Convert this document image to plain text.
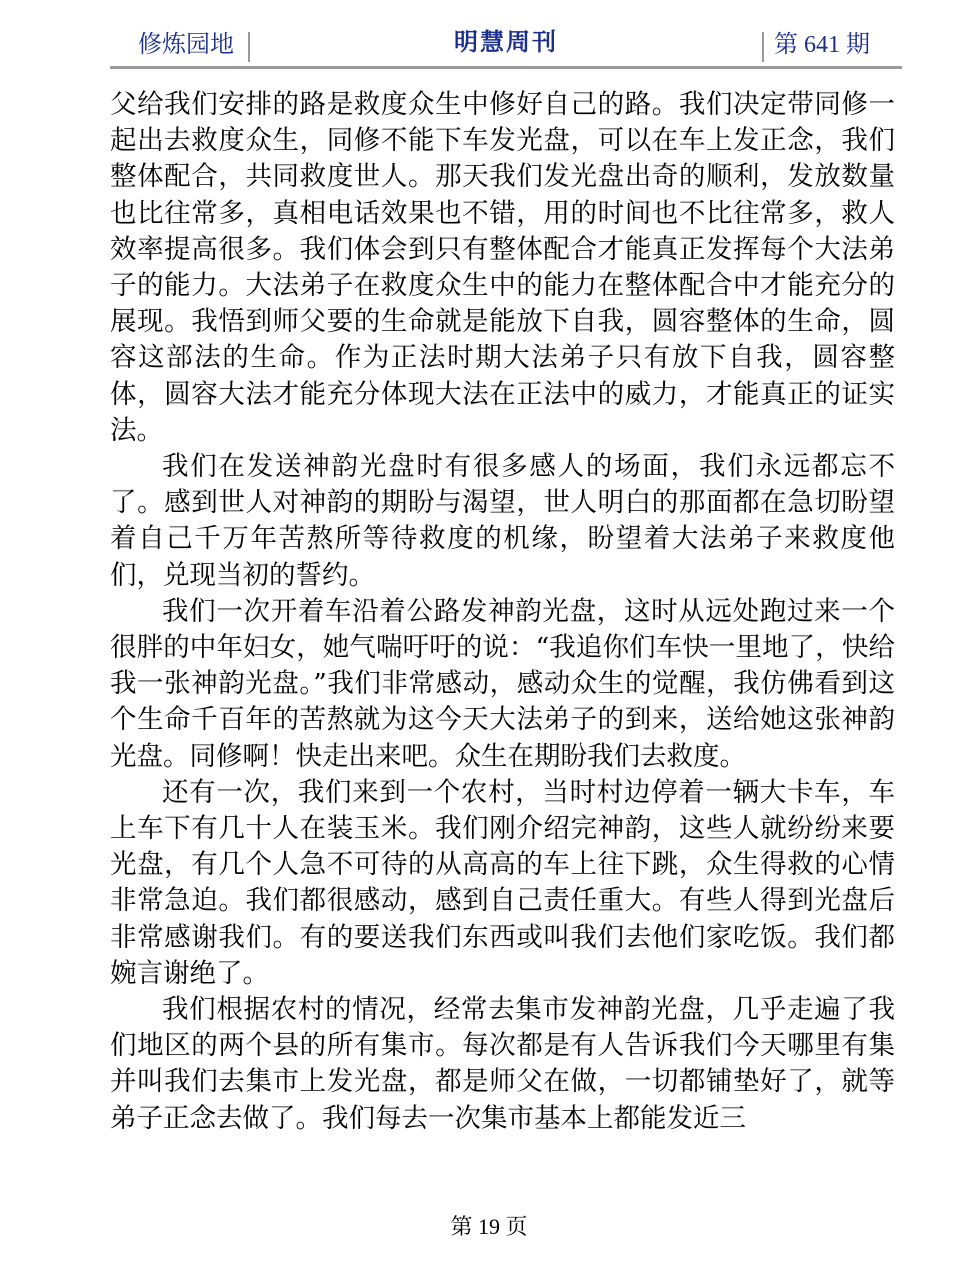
修炼园地	明慧周刊	第 641 期

父给我们安排的路是救度众生中修好自己的路。我们决定带同修一起出去救度众生，同修不能下车发光盘，可以在车上发正念，我们整体配合，共同救度世人。那天我们发光盘出奇的顺利，发放数量也比往常多，真相电话效果也不错，用的时间也不比往常多，救人效率提高很多。我们体会到只有整体配合才能真正发挥每个大法弟子的能力。大法弟子在救度众生中的能力在整体配合中才能充分的展现。我悟到师父要的生命就是能放下自我，圆容整体的生命，圆容这部法的生命。作为正法时期大法弟子只有放下自我，圆容整体，圆容大法才能充分体现大法在正法中的威力，才能真正的证实法。

我们在发送神韵光盘时有很多感人的场面，我们永远都忘不了。感到世人对神韵的期盼与渴望，世人明白的那面都在急切盼望着自己千万年苦熬所等待救度的机缘，盼望着大法弟子来救度他们，兑现当初的誓约。

我们一次开着车沿着公路发神韵光盘，这时从远处跑过来一个很胖的中年妇女，她气喘吁吁的说：“我追你们车快一里地了，快给我一张神韵光盘。”我们非常感动，感动众生的觉醒，我仿佛看到这个生命千百年的苦熬就为这今天大法弟子的到来，送给她这张神韵光盘。同修啊！快走出来吧。众生在期盼我们去救度。

还有一次，我们来到一个农村，当时村边停着一辆大卡车，车上车下有几十人在装玉米。我们刚介绍完神韵，这些人就纷纷来要光盘，有几个人急不可待的从高高的车上往下跳，众生得救的心情非常急迫。我们都很感动，感到自己责任重大。有些人得到光盘后非常感谢我们。有的要送我们东西或叫我们去他们家吃饭。我们都婉言谢绝了。

我们根据农村的情况，经常去集市发神韵光盘，几乎走遍了我们地区的两个县的所有集市。每次都是有人告诉我们今天哪里有集并叫我们去集市上发光盘，都是师父在做，一切都铺垫好了，就等弟子正念去做了。我们每去一次集市基本上都能发近三

第 19 页
